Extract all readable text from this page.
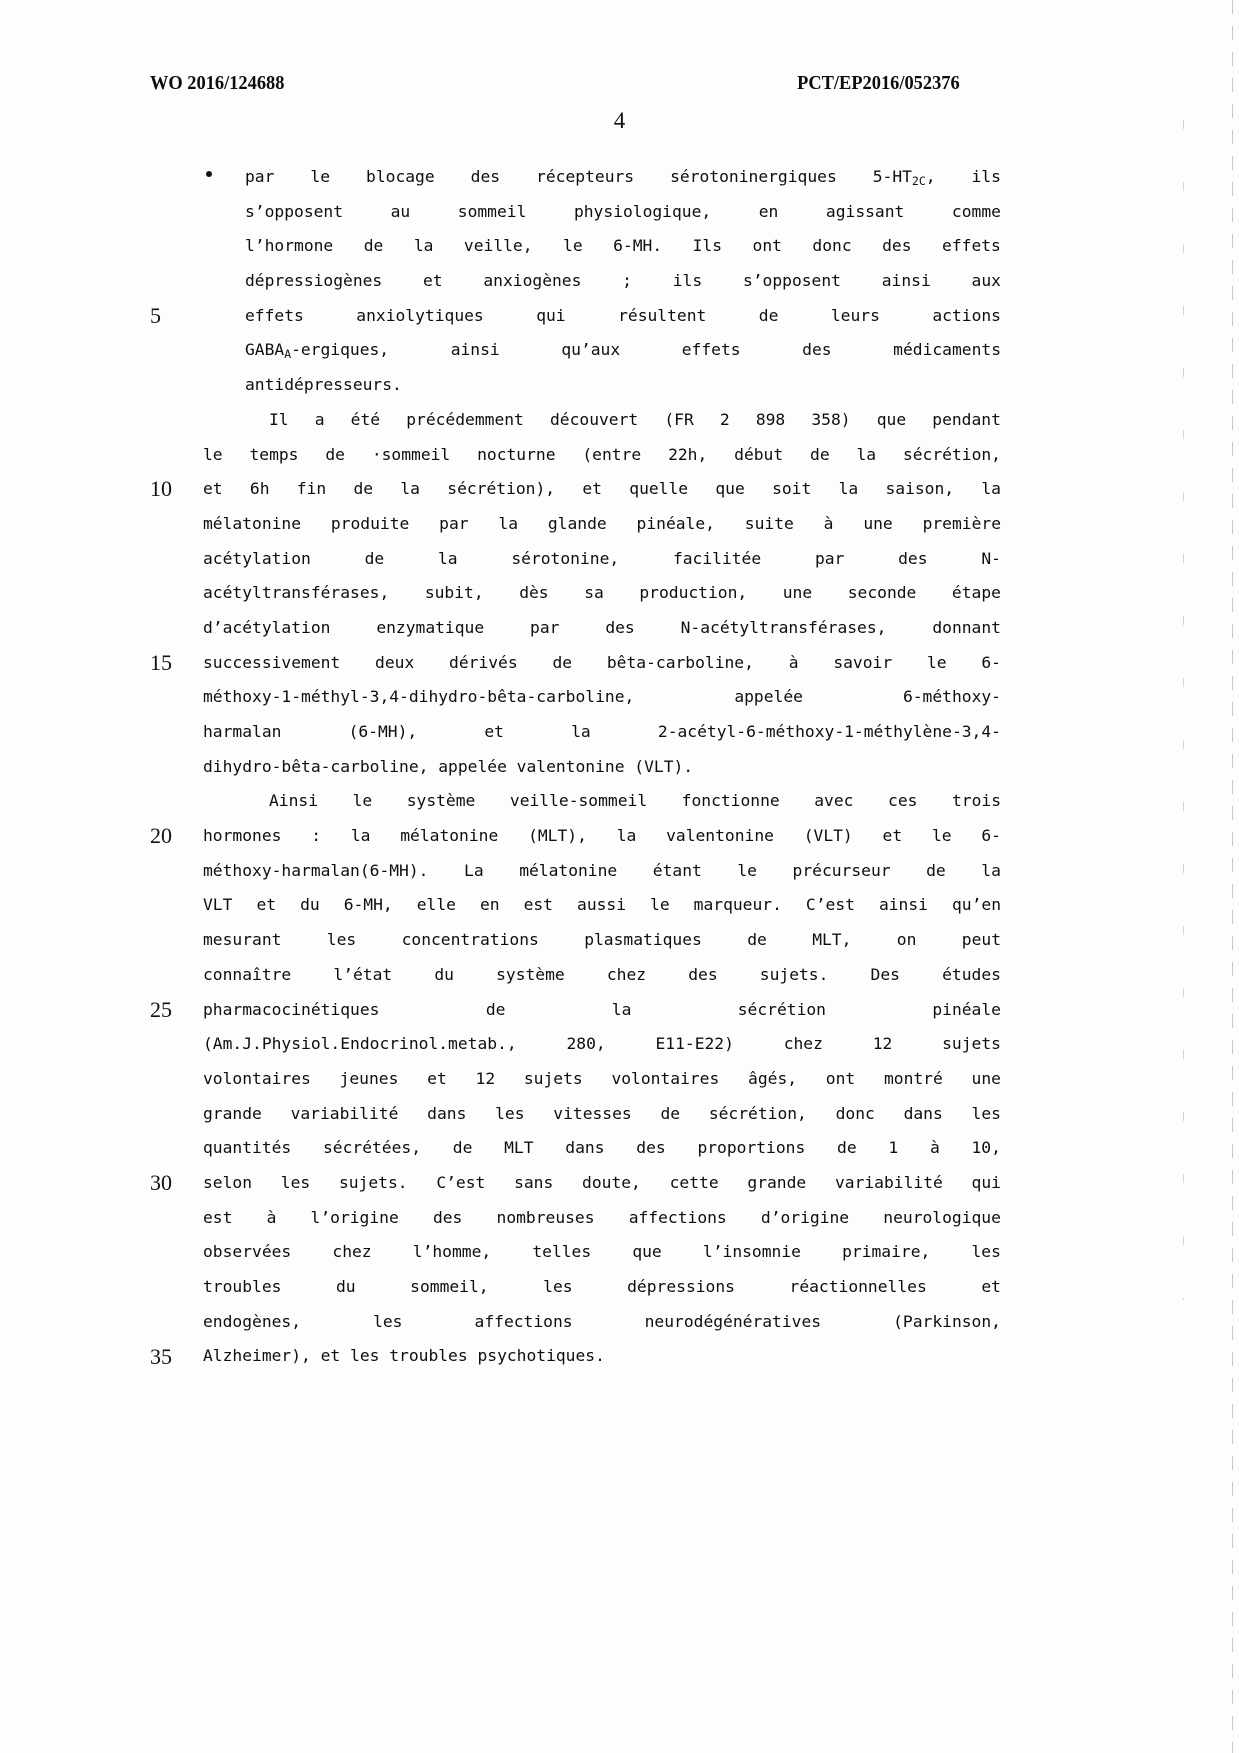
WO 2016/124688	PCT/EP2016/052376
4
5
10
15
20
25
30
35
par le blocage des récepteurs sérotoninergiques $5-HT_{2C}$, ils
s’opposent	au	sommeil	physiologique,	en	agissant	comme
l’hormone de la veille, le 6-MH. Ils ont donc des effets
dépressiogènes	et	anxiogènes	;	ils	s’opposent	ainsi	aux
effets	anxiolytiques	qui	résultent	de	leurs	actions
$GABA_A$-ergiques,	ainsi	qu’aux	effets	des	médicaments
antidépresseurs.
Il a été précédemment découvert (FR 2 898 358) que pendant
le temps de ·sommeil nocturne (entre 22h, début de la sécrétion,
et 6h fin de la sécrétion), et quelle que soit la saison, la
mélatonine produite par la glande pinéale, suite à une première
acétylation	de	la	sérotonine,	facilitée	par	des	N-
acétyltransférases, subit, dès sa production, une seconde étape
d’acétylation	enzymatique	par	des	N-acétyltransférases,	donnant
successivement deux dérivés de bêta-carboline, à savoir le 6-
méthoxy-1-méthyl-3,4-dihydro-bêta-carboline,	appelée	6-méthoxy-
harmalan	(6-MH),	et	la	2-acétyl-6-méthoxy-1-méthylène-3,4-
dihydro-bêta-carboline, appelée valentonine (VLT).
Ainsi le système veille-sommeil fonctionne avec ces trois
hormones : la mélatonine (MLT), la valentonine (VLT) et le 6-
méthoxy-harmalan(6-MH). La mélatonine étant le précurseur de la
VLT et du 6-MH, elle en est aussi le marqueur. C’est ainsi qu’en
mesurant	les	concentrations	plasmatiques	de	MLT,	on	peut
connaître	l’état	du	système	chez	des	sujets.	Des	études
pharmacocinétiques	de	la	sécrétion	pinéale
(Am.J.Physiol.Endocrinol.metab.,	280,	E11-E22)	chez	12	sujets
volontaires jeunes et 12 sujets volontaires âgés, ont montré une
grande variabilité dans les vitesses de sécrétion, donc dans les
quantités sécrétées, de MLT dans des proportions de 1 à 10,
selon les sujets. C’est sans doute, cette grande variabilité qui
est à l’origine des nombreuses affections d’origine neurologique
observées	chez	l’homme,	telles	que	l’insomnie	primaire,	les
troubles	du	sommeil,	les	dépressions	réactionnelles	et
endogènes,	les	affections	neurodégénératives	(Parkinson,
Alzheimer), et les troubles psychotiques.
